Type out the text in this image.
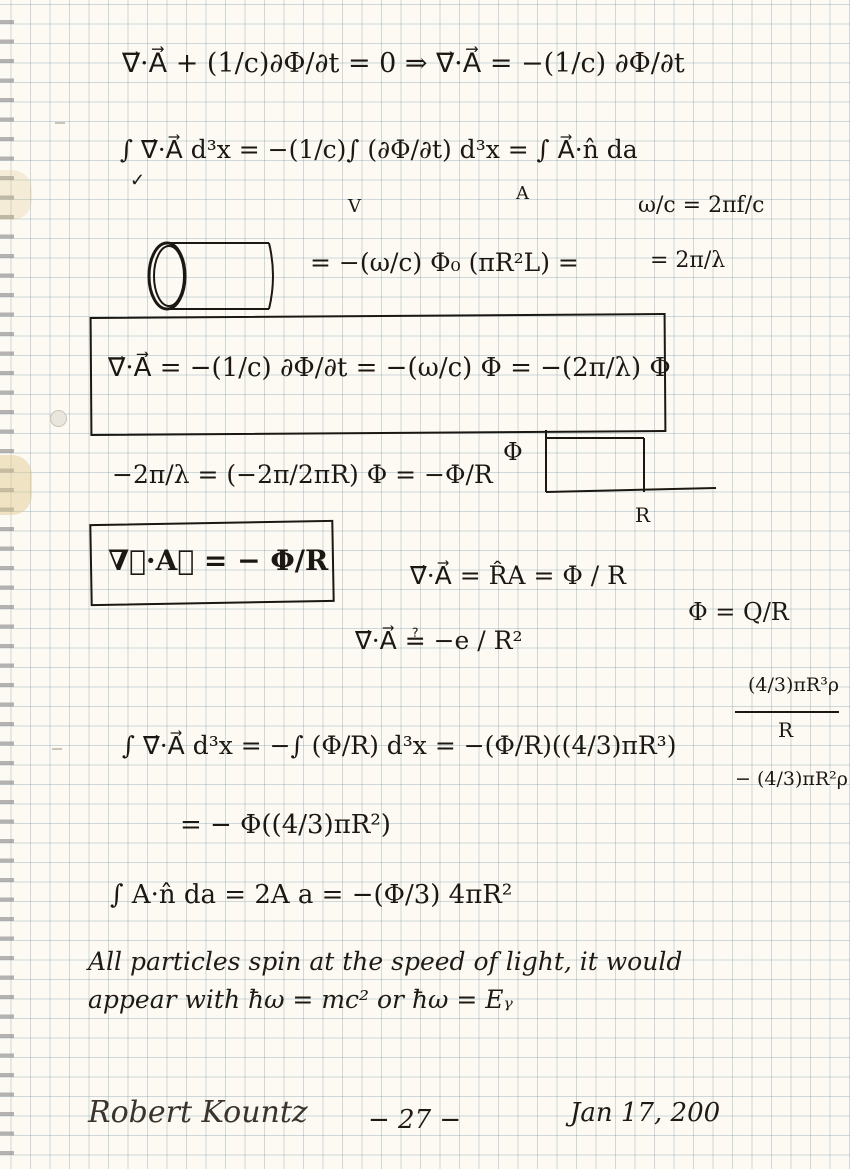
∇⃗·A⃗ + (1/c)∂Φ/∂t = 0 ⇒ ∇⃗·A⃗ = −(1/c) ∂Φ/∂t
∫ ∇⃗·A⃗ d³x = −(1/c)∫ (∂Φ/∂t) d³x = ∫ A⃗·n̂ da
V
A
✓
ω/c = 2πf/c
= 2π/λ
= −(ω/c) Φ₀ (πR²L) =
∇⃗·A⃗ = −(1/c) ∂Φ/∂t = −(ω/c) Φ = −(2π/λ) Φ
−2π/λ = (−2π/2πR) Φ = −Φ/R
Φ
R
∇⃗·A⃗ = − Φ/R	∇⃗·A⃗ = R̂A = Φ / R
∇⃗·A⃗ ≟ −e / R²
Φ = Q/R
(4/3)πR³ρ
R
− (4/3)πR²ρ
∫ ∇⃗·A⃗ d³x = −∫ (Φ/R) d³x = −(Φ/R)((4/3)πR³)
= − Φ((4/3)πR²)
∫ A·n̂ da = 2A a = −(Φ/3) 4πR²
All particles spin at the speed of light, it would
appear with ħω = mc² or ħω = Eᵧ
Robert Kountz − 27 −	Jan 17, 200
